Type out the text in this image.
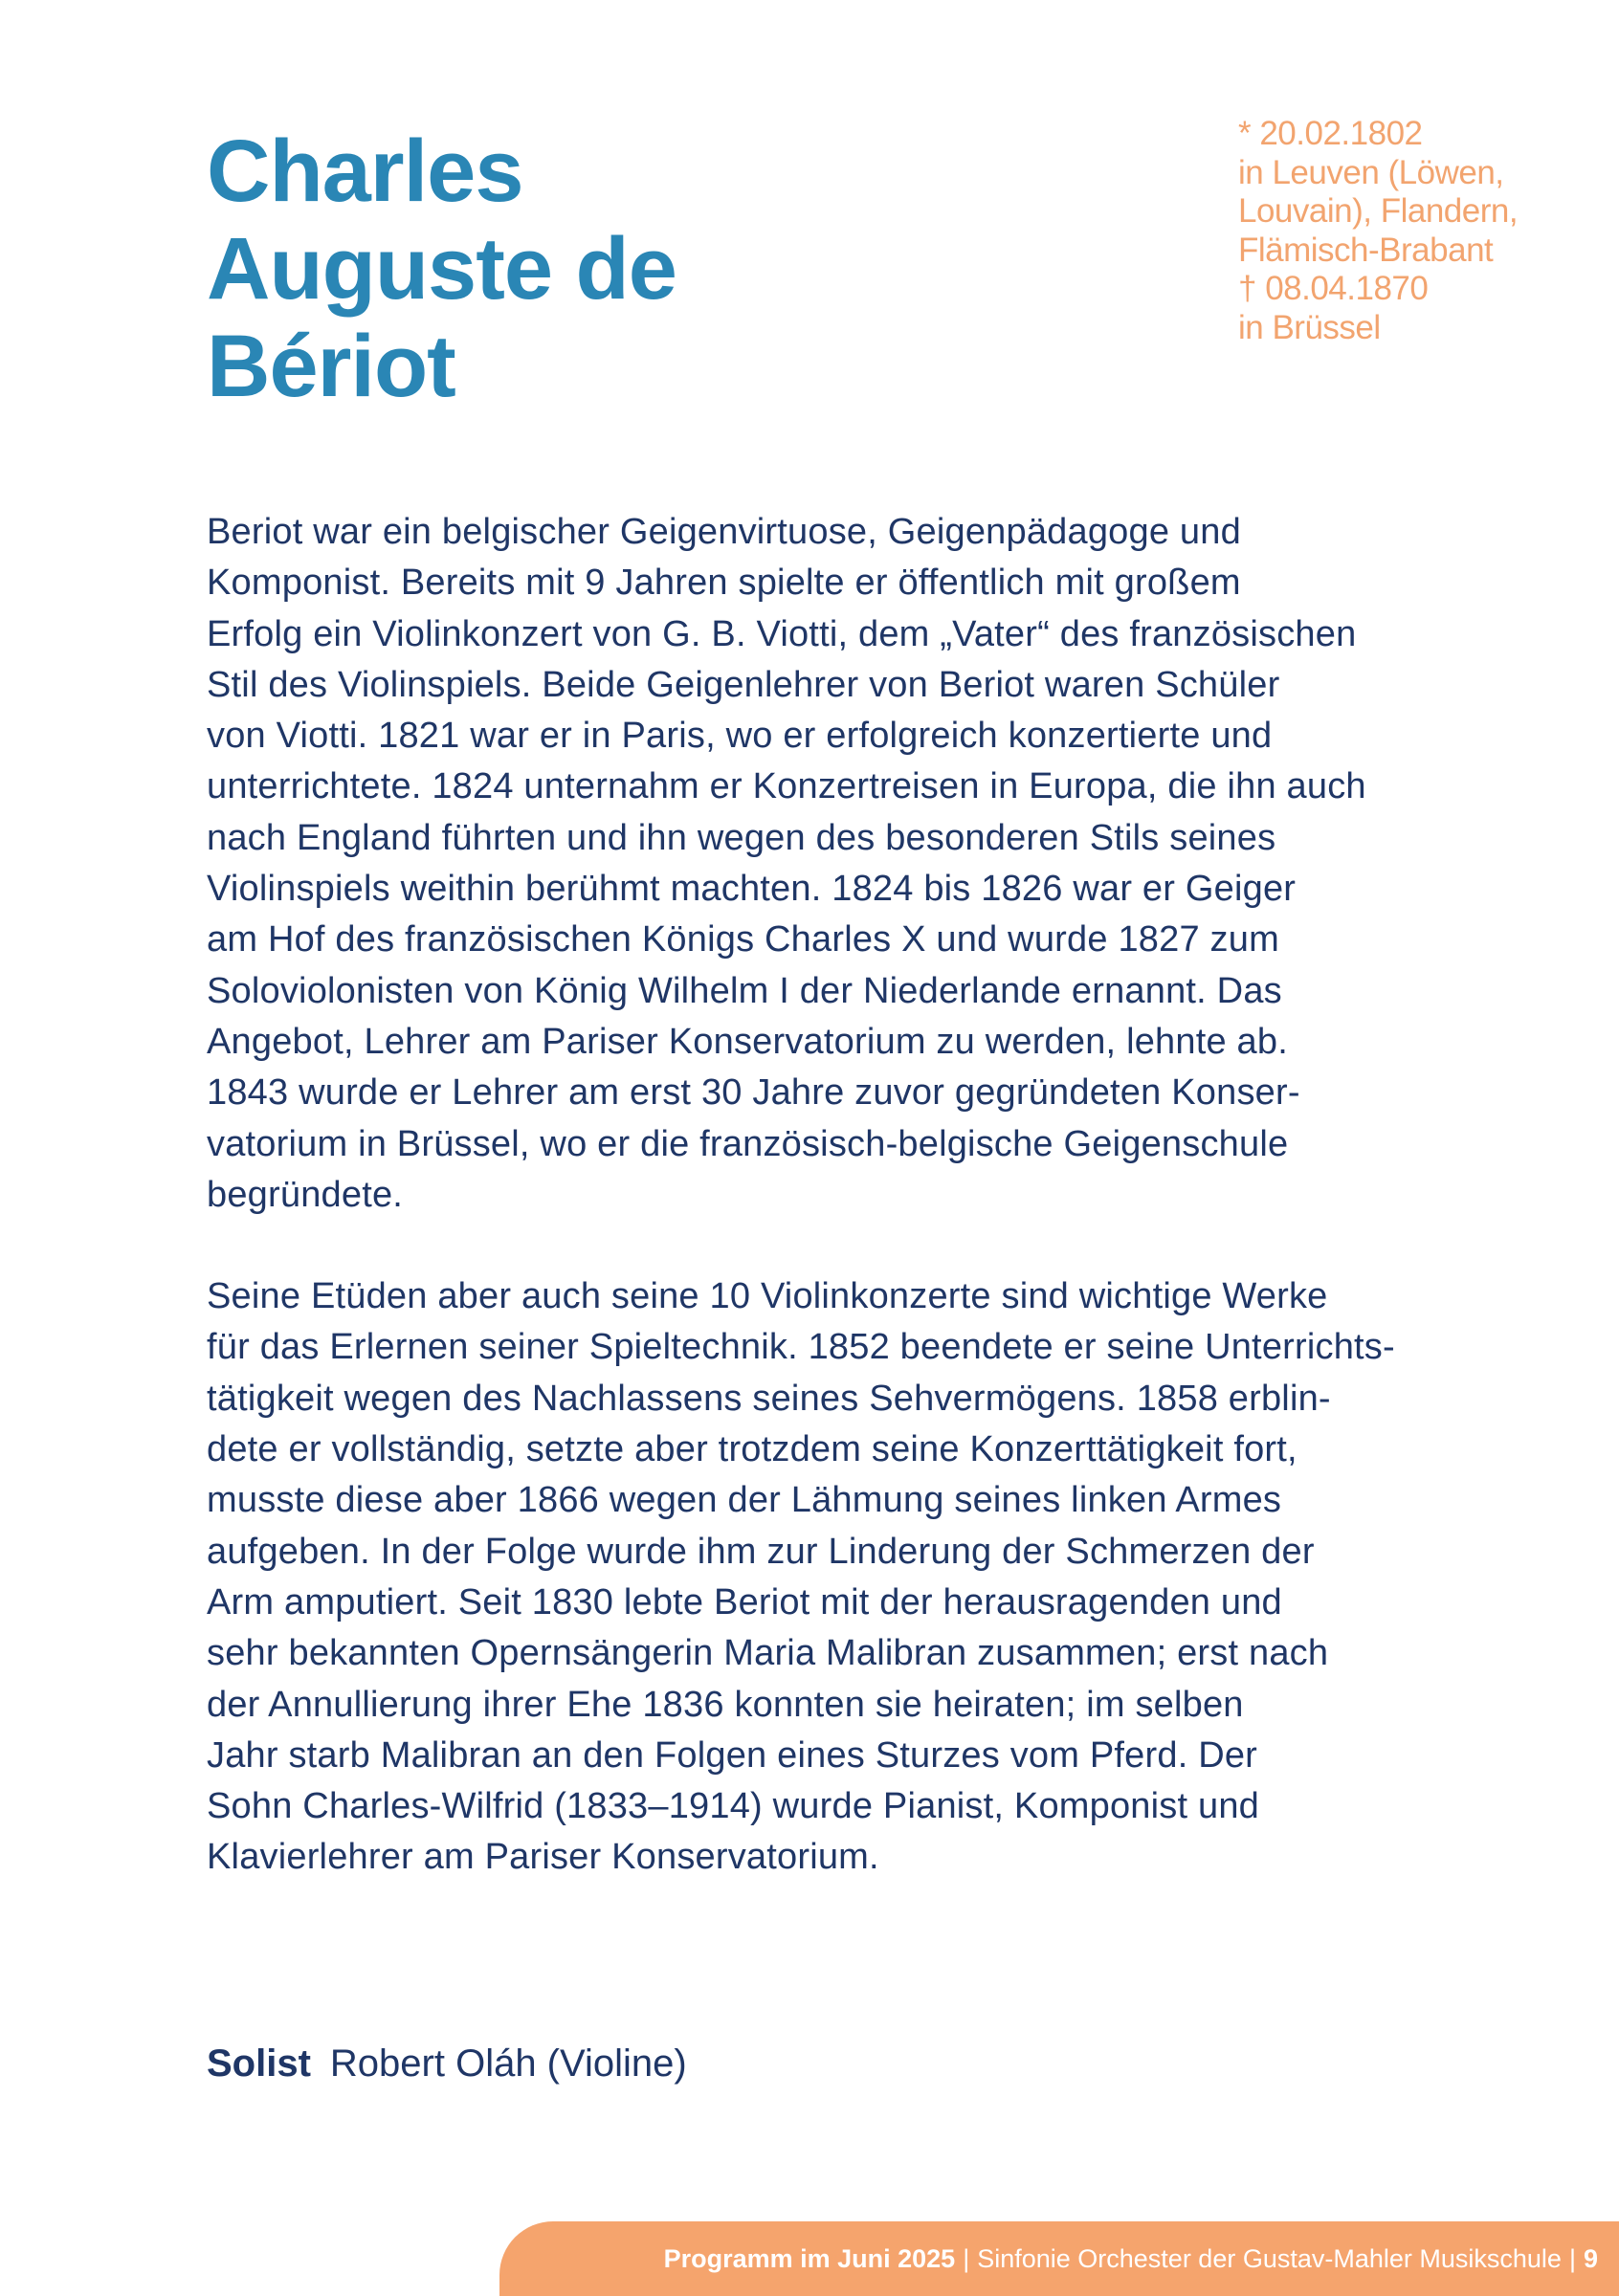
Charles
Auguste de
Bériot
* 20.02.1802
in Leuven (Löwen,
Louvain), Flandern,
Flämisch-Brabant
† 08.04.1870
in Brüssel

Beriot war ein belgischer Geigenvirtuose, Geigenpädagoge und
Komponist. Bereits mit 9 Jahren spielte er öffentlich mit großem
Erfolg ein Violinkonzert von G. B. Viotti, dem „Vater“ des französischen
Stil des Violinspiels. Beide Geigenlehrer von Beriot waren Schüler
von Viotti. 1821 war er in Paris, wo er erfolgreich konzertierte und
unterrichtete. 1824 unternahm er Konzertreisen in Europa, die ihn auch
nach England führten und ihn wegen des besonderen Stils seines
Violinspiels weithin berühmt machten. 1824 bis 1826 war er Geiger
am Hof des französischen Königs Charles X und wurde 1827 zum
Soloviolonisten von König Wilhelm I der Niederlande ernannt. Das
Angebot, Lehrer am Pariser Konservatorium zu werden, lehnte ab.
1843 wurde er Lehrer am erst 30 Jahre zuvor gegründeten Konser-
vatorium in Brüssel, wo er die französisch-belgische Geigenschule
begründete.

Seine Etüden aber auch seine 10 Violinkonzerte sind wichtige Werke
für das Erlernen seiner Spieltechnik. 1852 beendete er seine Unterrichts-
tätigkeit wegen des Nachlassens seines Sehvermögens. 1858 erblin-
dete er vollständig, setzte aber trotzdem seine Konzerttätigkeit fort,
musste diese aber 1866 wegen der Lähmung seines linken Armes
aufgeben. In der Folge wurde ihm zur Linderung der Schmerzen der
Arm amputiert. Seit 1830 lebte Beriot mit der herausragenden und
sehr bekannten Opernsängerin Maria Malibran zusammen; erst nach
der Annullierung ihrer Ehe 1836 konnten sie heiraten; im selben
Jahr starb Malibran an den Folgen eines Sturzes vom Pferd. Der
Sohn Charles-Wilfrid (1833–1914) wurde Pianist, Komponist und
Klavierlehrer am Pariser Konservatorium.

Solist Robert Oláh (Violine)
Programm im Juni 2025 | Sinfonie Orchester der Gustav-Mahler Musikschule | 9
